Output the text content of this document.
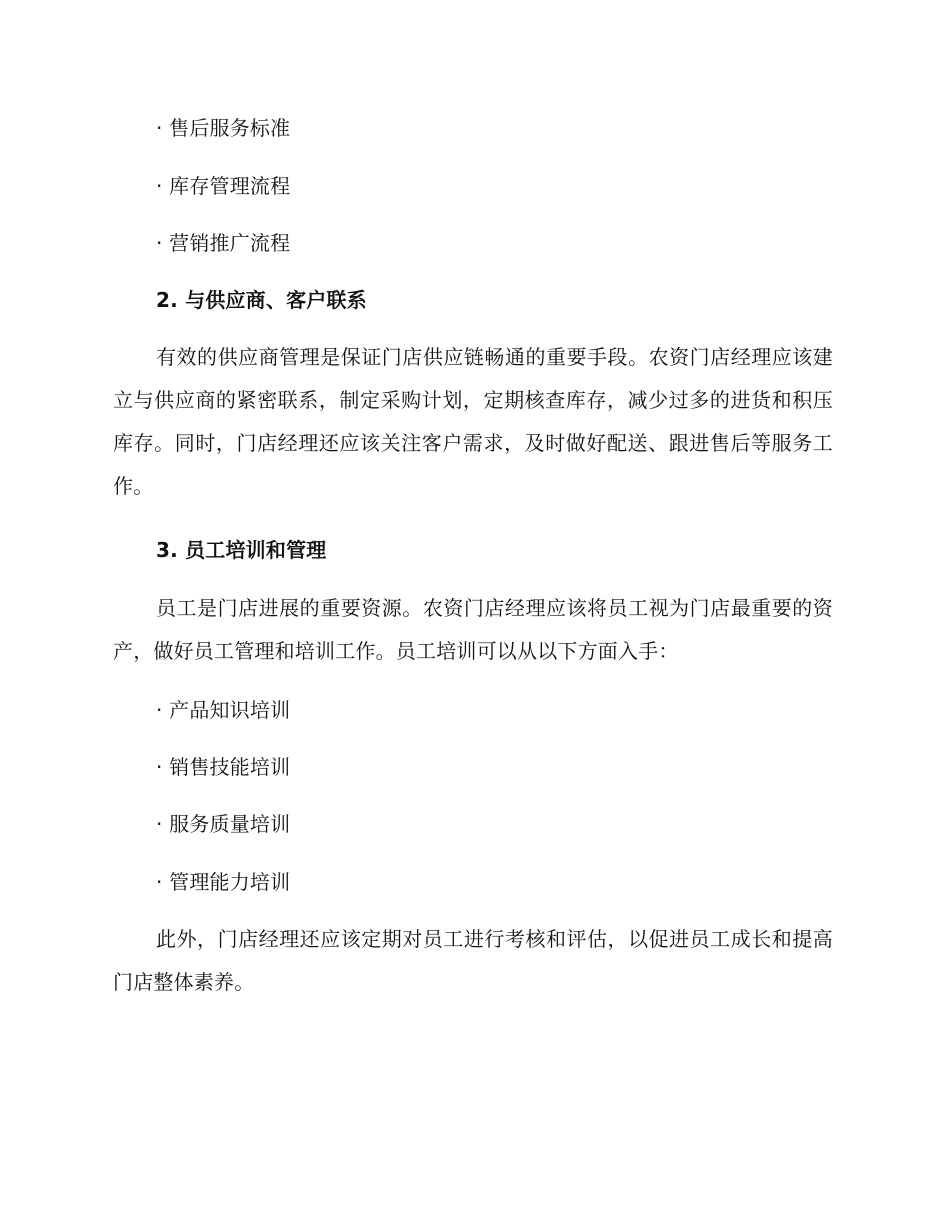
· 售后服务标准
· 库存管理流程
· 营销推广流程
2. 与供应商、客户联系
有效的供应商管理是保证门店供应链畅通的重要手段。农资门店经理应该建立与供应商的紧密联系，制定采购计划，定期核查库存，减少过多的进货和积压库存。同时，门店经理还应该关注客户需求，及时做好配送、跟进售后等服务工作。
3. 员工培训和管理
员工是门店进展的重要资源。农资门店经理应该将员工视为门店最重要的资产，做好员工管理和培训工作。员工培训可以从以下方面入手：
· 产品知识培训
· 销售技能培训
· 服务质量培训
· 管理能力培训
此外，门店经理还应该定期对员工进行考核和评估，以促进员工成长和提高门店整体素养。
